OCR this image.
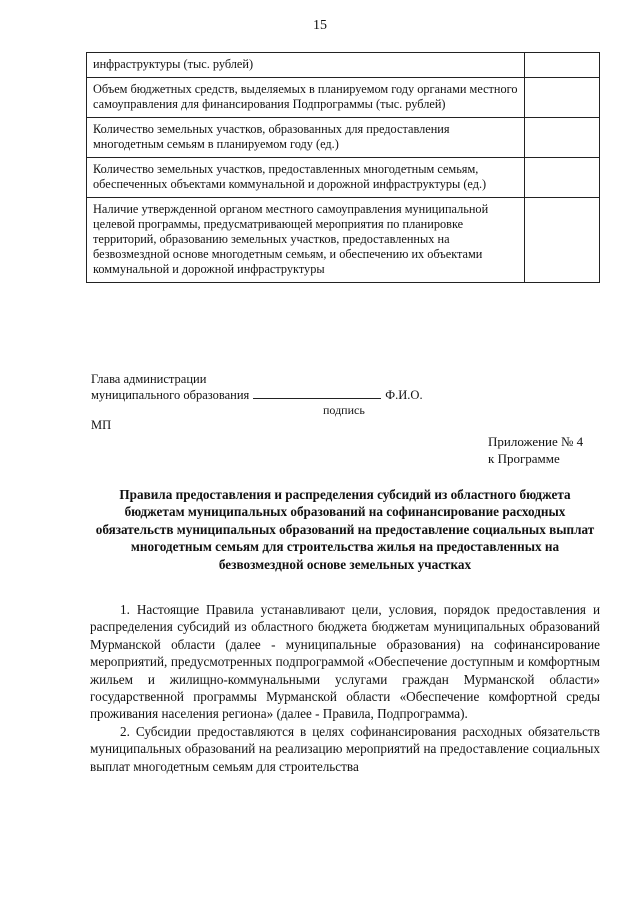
15
инфраструктуры (тыс. рублей)	
Объем бюджетных средств, выделяемых в планируемом году органами местного самоуправления для финансирования Подпрограммы (тыс. рублей)	
Количество земельных участков, образованных для предоставления многодетным семьям в планируемом году (ед.)	
Количество земельных участков, предоставленных многодетным семьям, обеспеченных объектами коммунальной и дорожной инфраструктуры (ед.)	
Наличие утвержденной органом местного самоуправления муниципальной целевой программы, предусматривающей мероприятия по планировке территорий, образованию земельных участков, предоставленных на безвозмездной основе многодетным семьям, и обеспечению их объектами коммунальной и дорожной инфраструктуры	
Глава администрации
муниципального образования	Ф.И.О.
подпись
МП
Приложение № 4
к Программе
Правила предоставления и распределения субсидий из областного бюджета бюджетам муниципальных образований на софинансирование расходных обязательств муниципальных образований на предоставление социальных выплат многодетным семьям для строительства жилья на предоставленных на безвозмездной основе земельных участках

1. Настоящие Правила устанавливают цели, условия, порядок предоставления и распределения субсидий из областного бюджета бюджетам муниципальных образований Мурманской области (далее - муниципальные образования) на софинансирование мероприятий, предусмотренных подпрограммой «Обеспечение доступным и комфортным жильем и жилищно-коммунальными услугами граждан Мурманской области» государственной программы Мурманской области «Обеспечение комфортной среды проживания населения региона» (далее - Правила, Подпрограмма).

2. Субсидии предоставляются в целях софинансирования расходных обязательств муниципальных образований на реализацию мероприятий на предоставление социальных выплат многодетным семьям для строительства
